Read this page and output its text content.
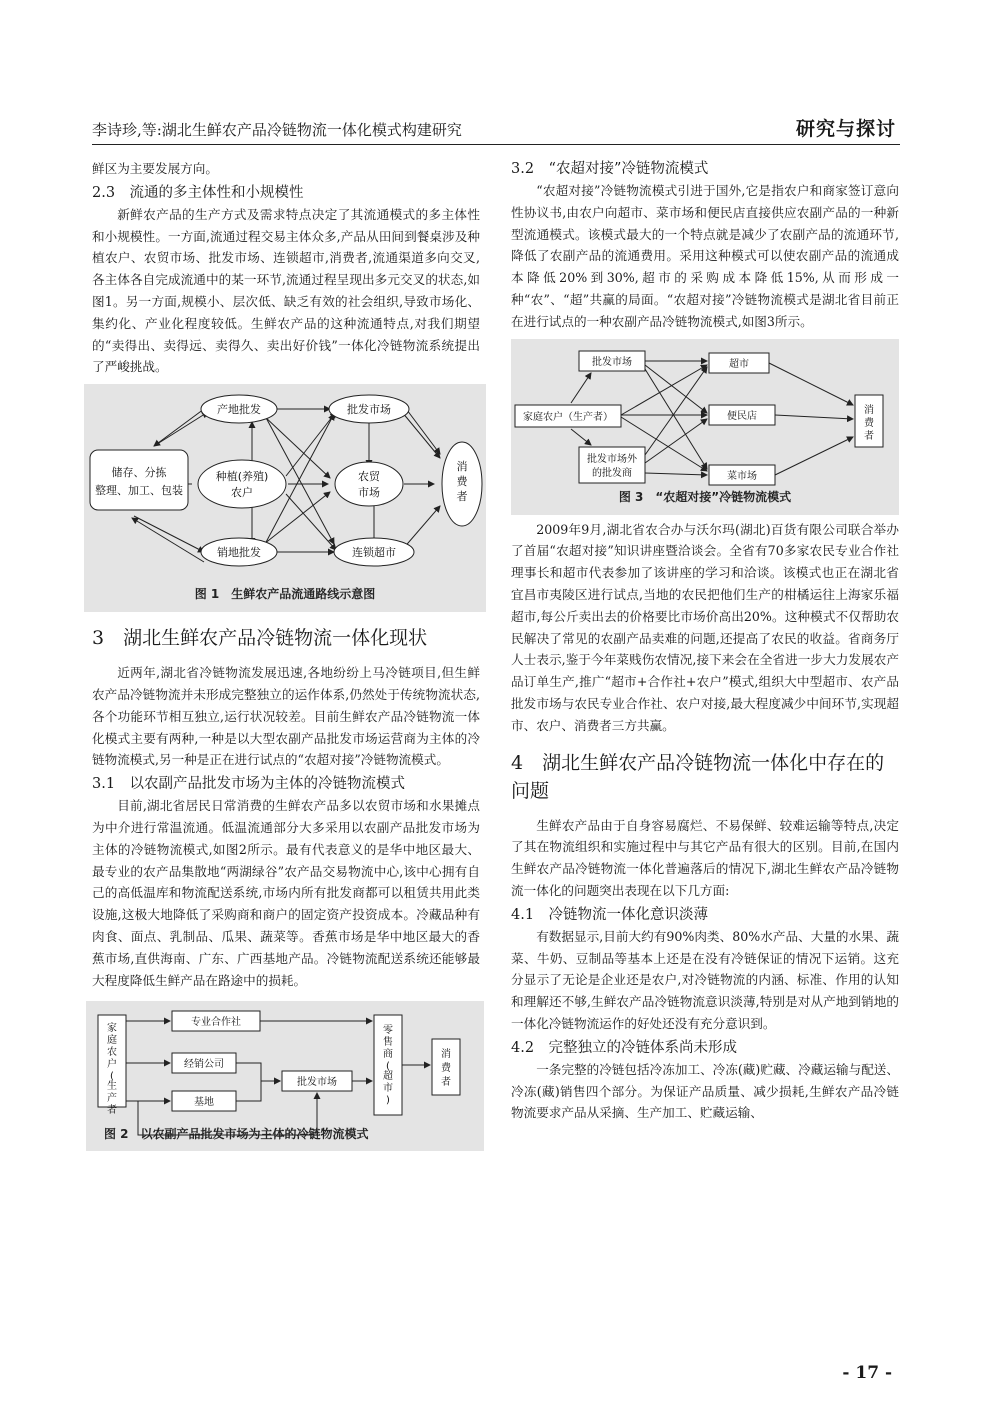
李诗珍,等:湖北生鲜农产品冷链物流一体化模式构建研究	研究与探讨

鲜区为主要发展方向。

2.3　流通的多主体性和小规模性

新鲜农产品的生产方式及需求特点决定了其流通模式的多主体性和小规模性。一方面,流通过程交易主体众多,产品从田间到餐桌涉及种植农户、农贸市场、批发市场、连锁超市,消费者,流通渠道多向交叉,各主体各自完成流通中的某一环节,流通过程呈现出多元交叉的状态,如图1。另一方面,规模小、层次低、缺乏有效的社会组织,导致市场化、集约化、产业化程度较低。生鲜农产品的这种流通特点,对我们期望的“卖得出、卖得远、卖得久、卖出好价钱”一体化冷链物流系统提出了严峻挑战。

产地批发	批发市场
储存、分拣
整理、加工、包装
种植(养殖)
农户
农贸
市场
消费者
销地批发	连锁超市
图 1　生鲜农产品流通路线示意图
3　湖北生鲜农产品冷链物流一体化现状

近两年,湖北省冷链物流发展迅速,各地纷纷上马冷链项目,但生鲜农产品冷链物流并未形成完整独立的运作体系,仍然处于传统物流状态,各个功能环节相互独立,运行状况较差。目前生鲜农产品冷链物流一体化模式主要有两种,一种是以大型农副产品批发市场运营商为主体的冷链物流模式,另一种是正在进行试点的“农超对接”冷链物流模式。

3.1　以农副产品批发市场为主体的冷链物流模式

目前,湖北省居民日常消费的生鲜农产品多以农贸市场和水果摊点为中介进行常温流通。低温流通部分大多采用以农副产品批发市场为主体的冷链物流模式,如图2所示。最有代表意义的是华中地区最大、最专业的农产品集散地“两湖绿谷”农产品交易物流中心,该中心拥有自己的高低温库和物流配送系统,市场内所有批发商都可以租赁共用此类设施,这极大地降低了采购商和商户的固定资产投资成本。冷藏品种有肉食、面点、乳制品、瓜果、蔬菜等。香蕉市场是华中地区最大的香蕉市场,直供海南、广东、广西基地产品。冷链物流配送系统还能够最大程度降低生鲜产品在路途中的损耗。

家庭农户(生产者
专业合作社
经销公司
基地
批发市场
零售商(超市)
消费者
图 2　以农副产品批发市场为主体的冷链物流模式
3.2　“农超对接”冷链物流模式

“农超对接”冷链物流模式引进于国外,它是指农户和商家签订意向性协议书,由农户向超市、菜市场和便民店直接供应农副产品的一种新型流通模式。该模式最大的一个特点就是减少了农副产品的流通环节,降低了农副产品的流通费用。采用这种模式可以使农副产品的流通成本降低20%到30%,超市的采购成本降低15%,从而形成一种“农”、“超”共赢的局面。“农超对接”冷链物流模式是湖北省目前正在进行试点的一种农副产品冷链物流模式,如图3所示。

批发市场
家庭农户（生产者）
批发市场外
的批发商
超市
便民店
菜市场
消费者
图 3　“农超对接”冷链物流模式

2009年9月,湖北省农合办与沃尔玛(湖北)百货有限公司联合举办了首届“农超对接”知识讲座暨洽谈会。全省有70多家农民专业合作社理事长和超市代表参加了该讲座的学习和洽谈。该模式也正在湖北省宜昌市夷陵区进行试点,当地的农民把他们生产的柑橘运往上海家乐福超市,每公斤卖出去的价格要比市场价高出20%。这种模式不仅帮助农民解决了常见的农副产品卖难的问题,还提高了农民的收益。省商务厅人士表示,鉴于今年菜贱伤农情况,接下来会在全省进一步大力发展农产品订单生产,推广“超市+合作社+农户”模式,组织大中型超市、农产品批发市场与农民专业合作社、农户对接,最大程度减少中间环节,实现超市、农户、消费者三方共赢。

4　湖北生鲜农产品冷链物流一体化中存在的问题

生鲜农产品由于自身容易腐烂、不易保鲜、较难运输等特点,决定了其在物流组织和实施过程中与其它产品有很大的区别。目前,在国内生鲜农产品冷链物流一体化普遍落后的情况下,湖北生鲜农产品冷链物流一体化的问题突出表现在以下几方面:

4.1　冷链物流一体化意识淡薄

有数据显示,目前大约有90%肉类、80%水产品、大量的水果、蔬菜、牛奶、豆制品等基本上还是在没有冷链保证的情况下运销。这充分显示了无论是企业还是农户,对冷链物流的内涵、标准、作用的认知和理解还不够,生鲜农产品冷链物流意识淡薄,特别是对从产地到销地的一体化冷链物流运作的好处还没有充分意识到。

4.2　完整独立的冷链体系尚未形成

一条完整的冷链包括冷冻加工、冷冻(藏)贮藏、冷藏运输与配送、冷冻(藏)销售四个部分。为保证产品质量、减少损耗,生鲜农产品冷链物流要求产品从采摘、生产加工、贮藏运输、

- 17 -
